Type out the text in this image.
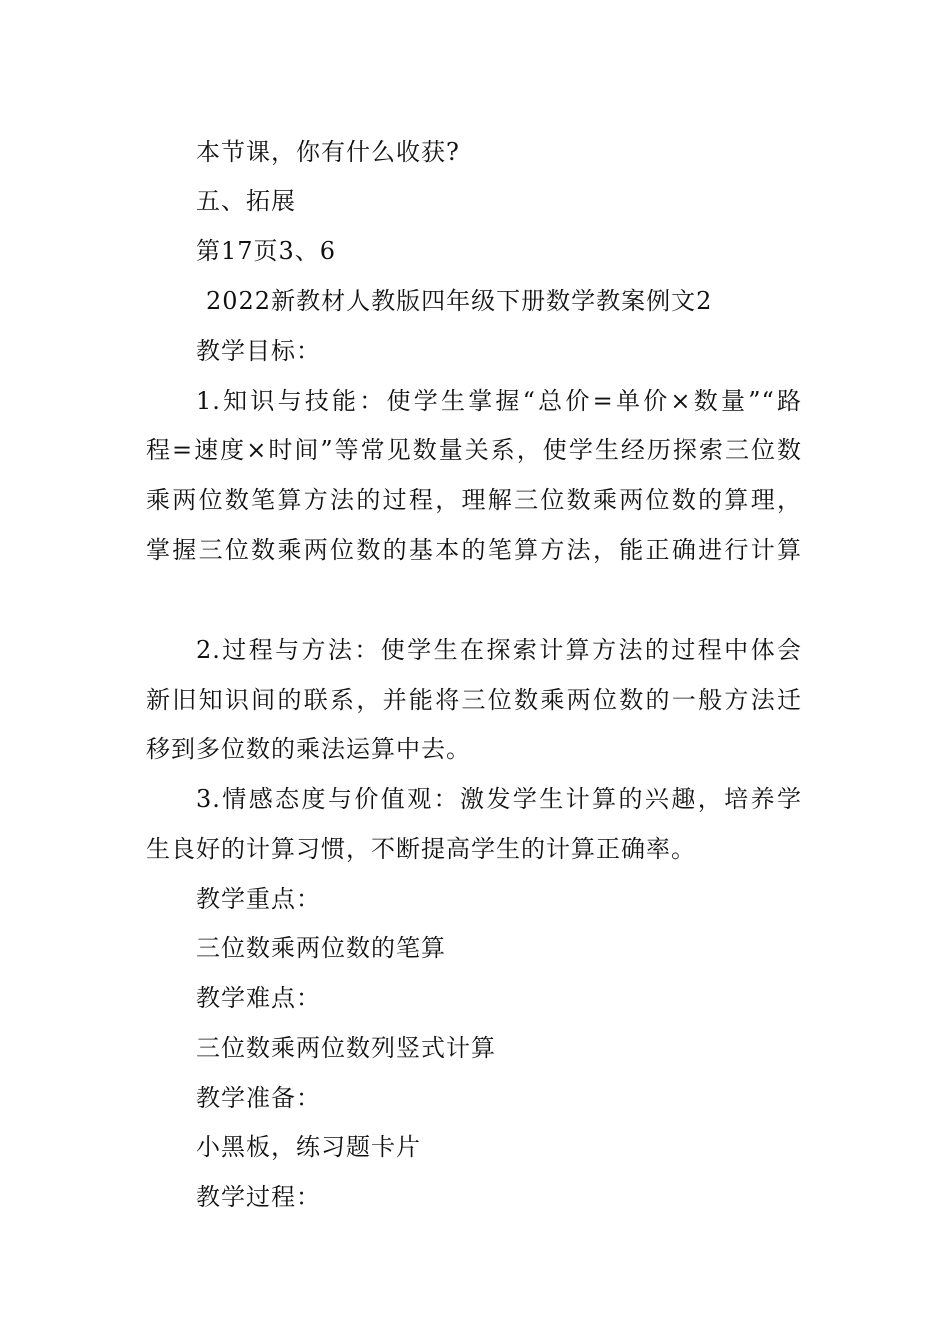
本节课，你有什么收获?
五、拓展
第17页3、6
2022新教材人教版四年级下册数学教案例文2
教学目标：
1.知识与技能：使学生掌握“总价=单价×数量”“路
程=速度×时间”等常见数量关系，使学生经历探索三位数
乘两位数笔算方法的过程，理解三位数乘两位数的算理，
掌握三位数乘两位数的基本的笔算方法，能正确进行计算
2.过程与方法：使学生在探索计算方法的过程中体会
新旧知识间的联系，并能将三位数乘两位数的一般方法迁
移到多位数的乘法运算中去。
3.情感态度与价值观：激发学生计算的兴趣，培养学
生良好的计算习惯，不断提高学生的计算正确率。
教学重点：
三位数乘两位数的笔算
教学难点：
三位数乘两位数列竖式计算
教学准备：
小黑板，练习题卡片
教学过程：
